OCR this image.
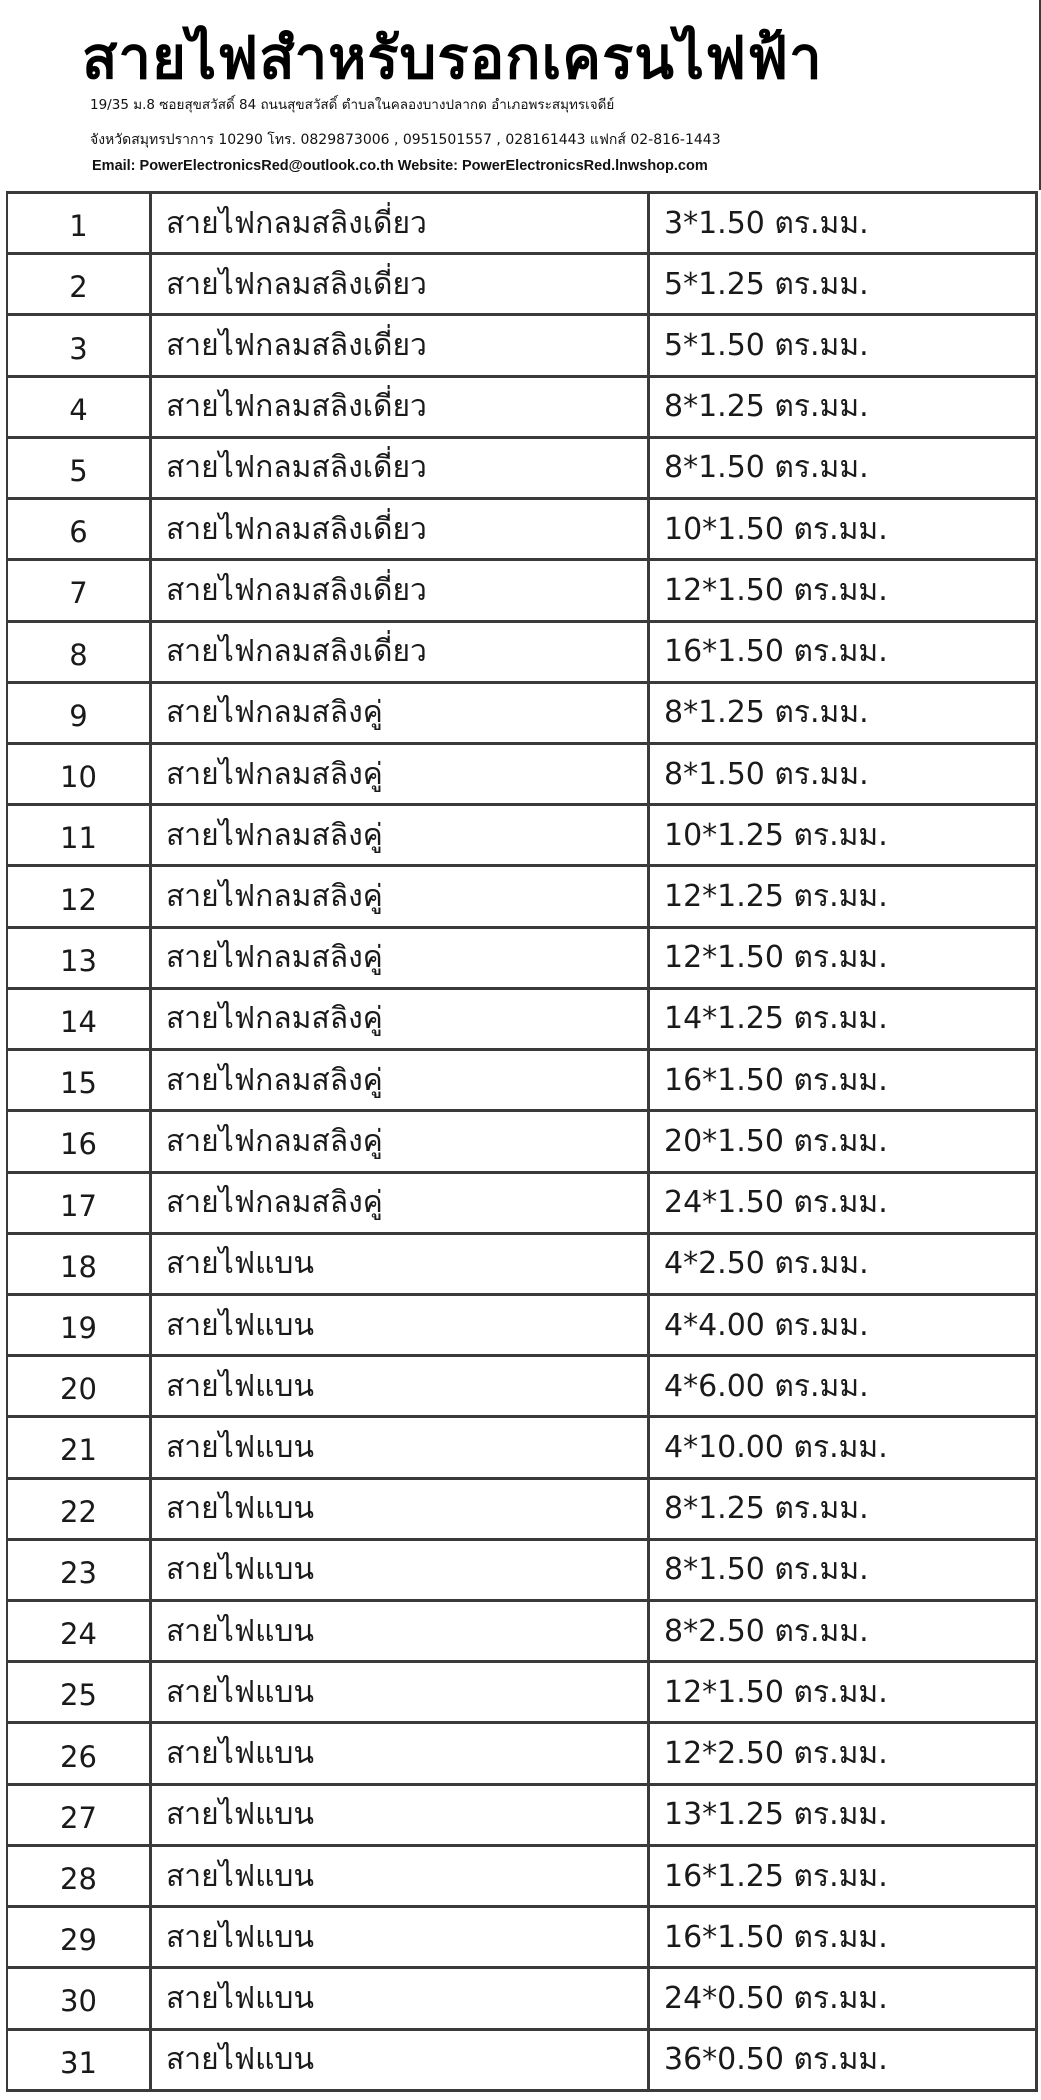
สายไฟสำหรับรอกเครนไฟฟ้า
19/35 ม.8 ซอยสุขสวัสดิ์ 84 ถนนสุขสวัสดิ์ ตำบลในคลองบางปลากด อำเภอพระสมุทรเจดีย์
จังหวัดสมุทรปราการ 10290 โทร. 0829873006 , 0951501557 , 028161443 แฟกส์ 02-816-1443
Email: PowerElectronicsRed@outlook.co.th Website: PowerElectronicsRed.lnwshop.com
1	สายไฟกลมสลิงเดี่ยว	3*1.50 ตร.มม.
2	สายไฟกลมสลิงเดี่ยว	5*1.25 ตร.มม.
3	สายไฟกลมสลิงเดี่ยว	5*1.50 ตร.มม.
4	สายไฟกลมสลิงเดี่ยว	8*1.25 ตร.มม.
5	สายไฟกลมสลิงเดี่ยว	8*1.50 ตร.มม.
6	สายไฟกลมสลิงเดี่ยว	10*1.50 ตร.มม.
7	สายไฟกลมสลิงเดี่ยว	12*1.50 ตร.มม.
8	สายไฟกลมสลิงเดี่ยว	16*1.50 ตร.มม.
9	สายไฟกลมสลิงคู่	8*1.25 ตร.มม.
10	สายไฟกลมสลิงคู่	8*1.50 ตร.มม.
11	สายไฟกลมสลิงคู่	10*1.25 ตร.มม.
12	สายไฟกลมสลิงคู่	12*1.25 ตร.มม.
13	สายไฟกลมสลิงคู่	12*1.50 ตร.มม.
14	สายไฟกลมสลิงคู่	14*1.25 ตร.มม.
15	สายไฟกลมสลิงคู่	16*1.50 ตร.มม.
16	สายไฟกลมสลิงคู่	20*1.50 ตร.มม.
17	สายไฟกลมสลิงคู่	24*1.50 ตร.มม.
18	สายไฟแบน	4*2.50 ตร.มม.
19	สายไฟแบน	4*4.00 ตร.มม.
20	สายไฟแบน	4*6.00 ตร.มม.
21	สายไฟแบน	4*10.00 ตร.มม.
22	สายไฟแบน	8*1.25 ตร.มม.
23	สายไฟแบน	8*1.50 ตร.มม.
24	สายไฟแบน	8*2.50 ตร.มม.
25	สายไฟแบน	12*1.50 ตร.มม.
26	สายไฟแบน	12*2.50 ตร.มม.
27	สายไฟแบน	13*1.25 ตร.มม.
28	สายไฟแบน	16*1.25 ตร.มม.
29	สายไฟแบน	16*1.50 ตร.มม.
30	สายไฟแบน	24*0.50 ตร.มม.
31	สายไฟแบน	36*0.50 ตร.มม.
